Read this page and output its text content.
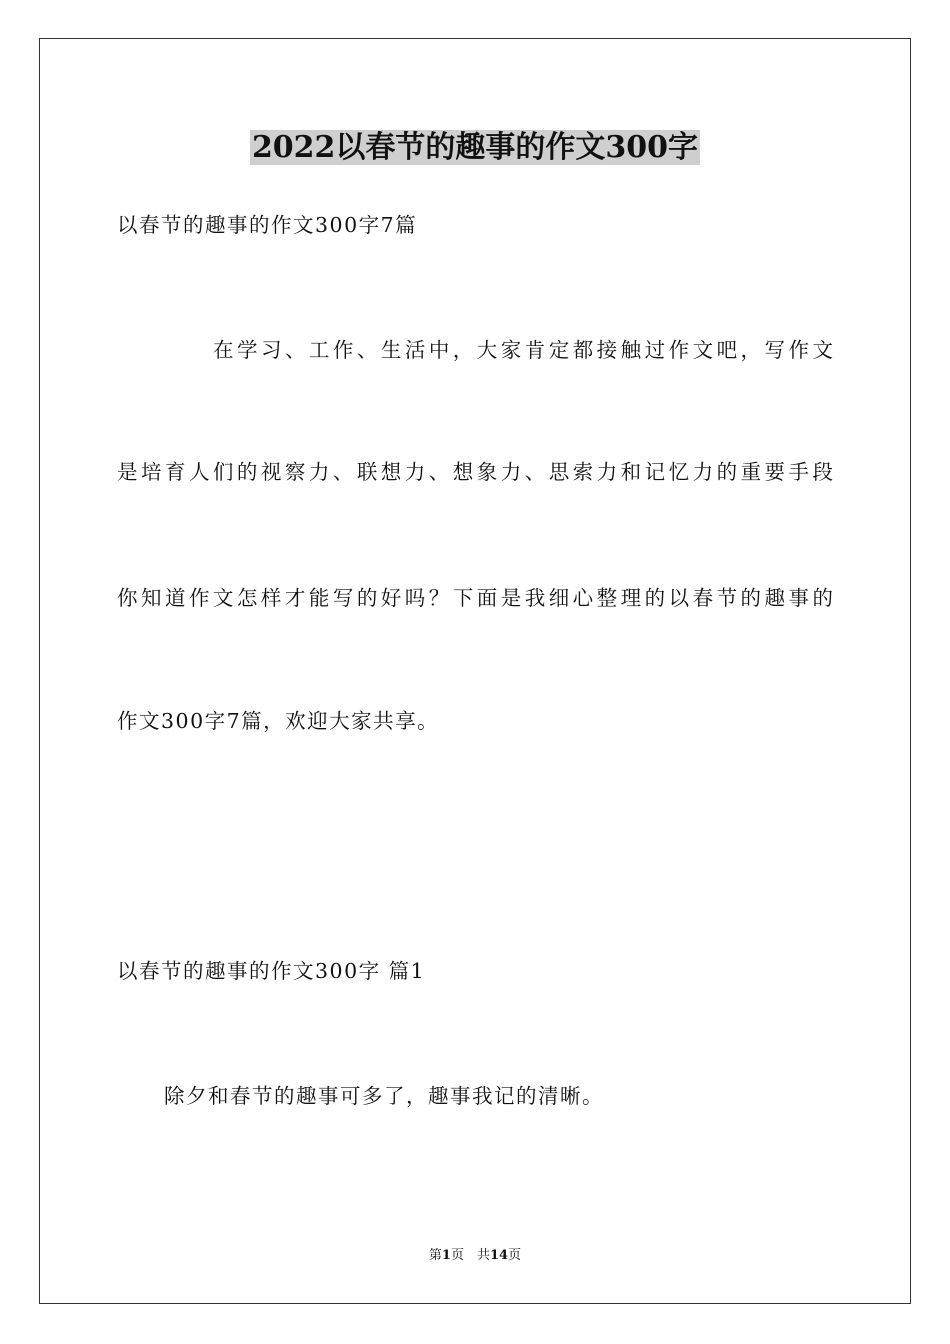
2022以春节的趣事的作文300字
以春节的趣事的作文300字7篇
在学习、工作、生活中，大家肯定都接触过作文吧，写作文
是培育人们的视察力、联想力、想象力、思索力和记忆力的重要手段
你知道作文怎样才能写的好吗？下面是我细心整理的以春节的趣事的
作文300字7篇，欢迎大家共享。
以春节的趣事的作文300字 篇1
除夕和春节的趣事可多了，趣事我记的清晰。
第1页　共14页
